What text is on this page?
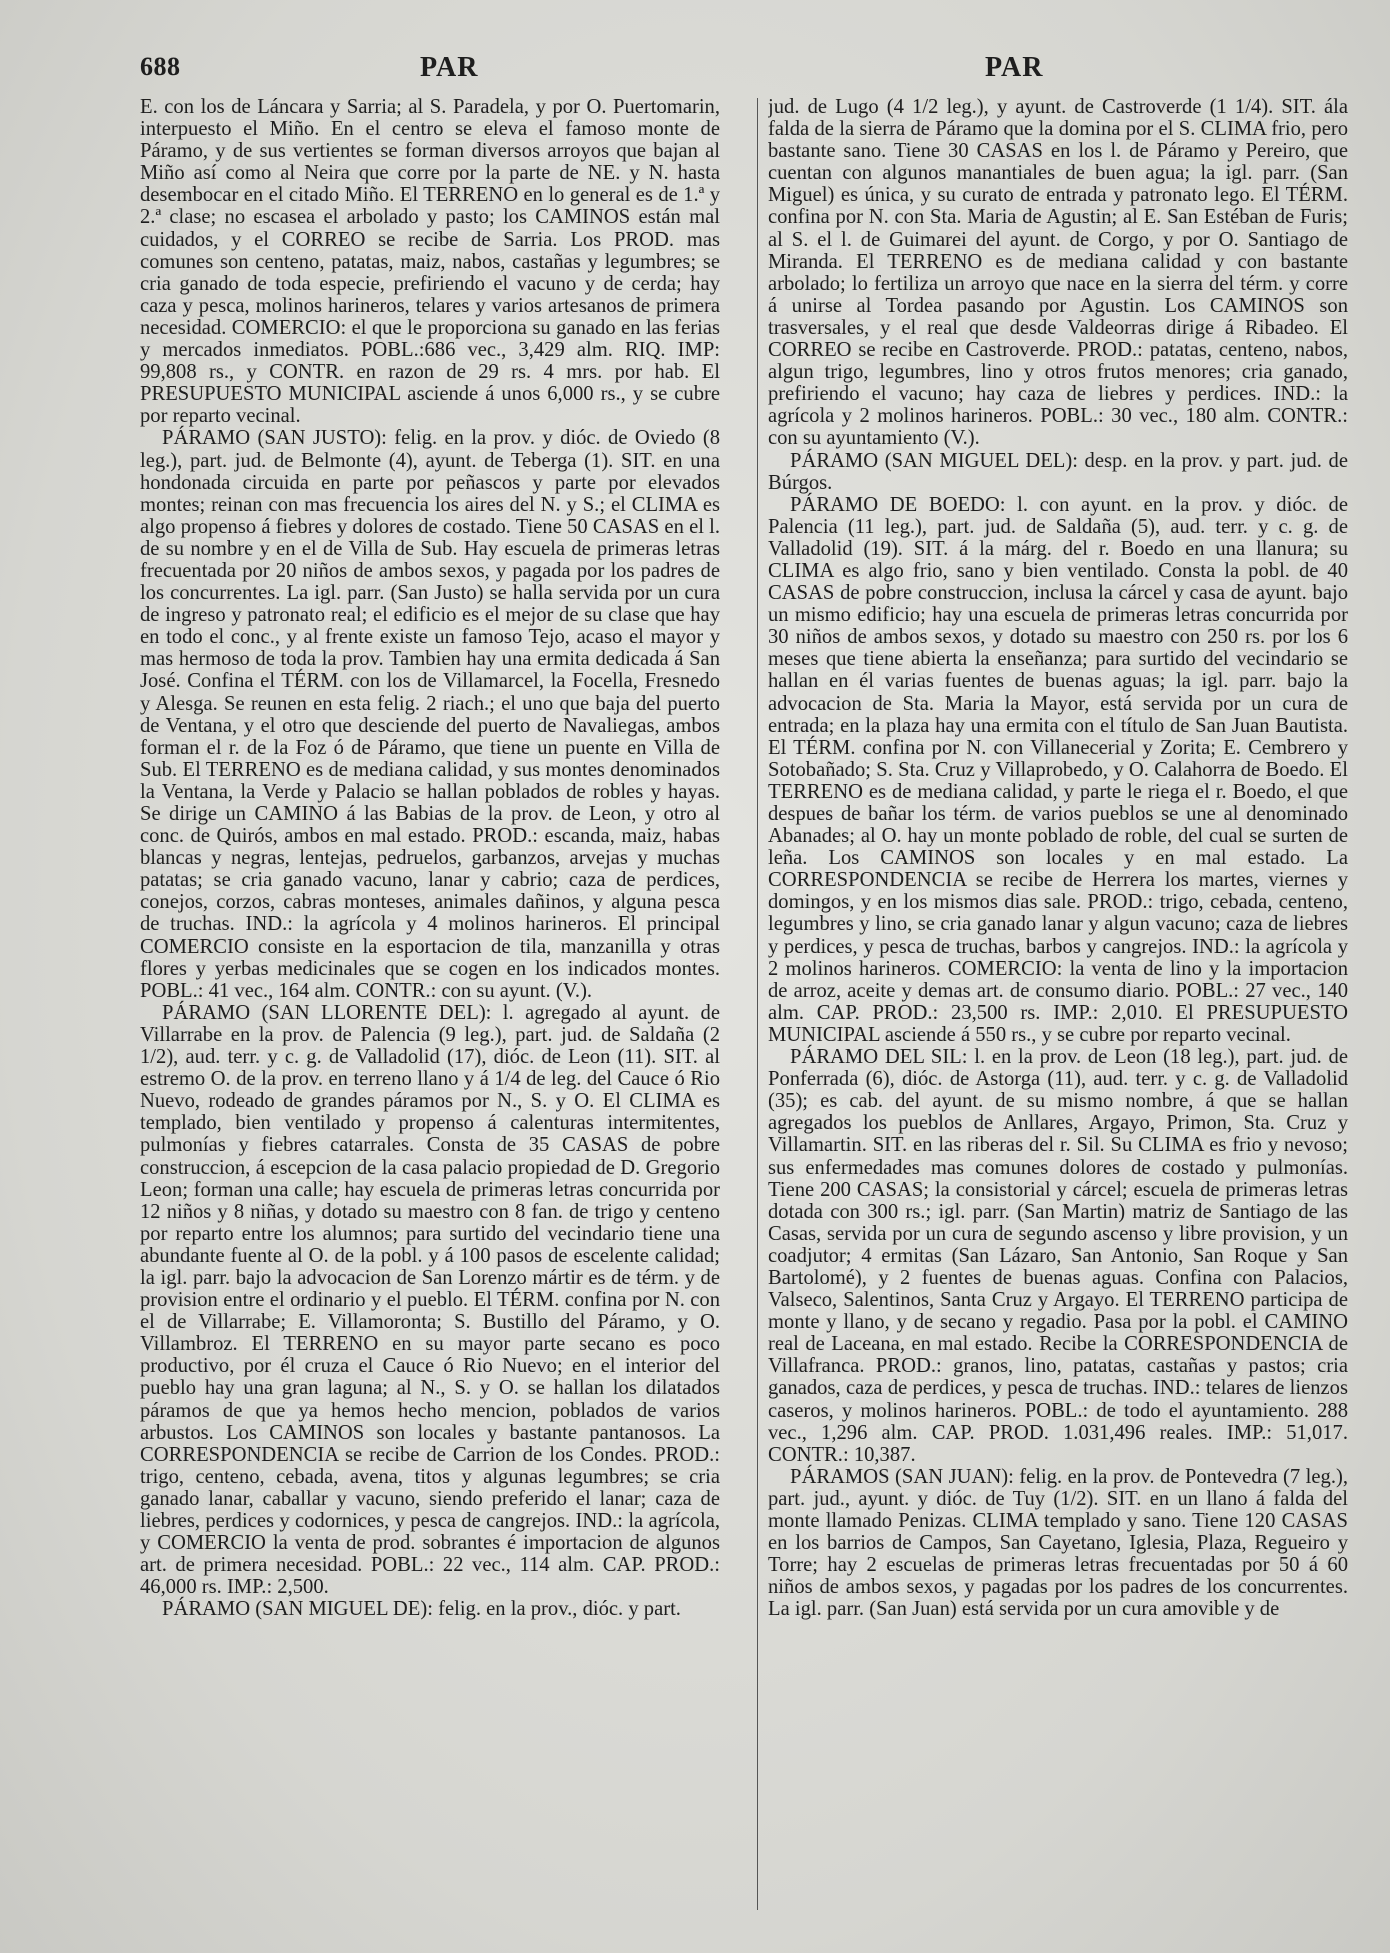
688	PAR	PAR

E. con los de Láncara y Sarria; al S. Paradela, y por O. Puertomarin, interpuesto el Miño. En el centro se eleva el famoso monte de Páramo, y de sus vertientes se forman diversos arroyos que bajan al Miño así como al Neira que corre por la parte de NE. y N. hasta desembocar en el citado Miño. El TERRENO en lo general es de 1.ª y 2.ª clase; no escasea el arbolado y pasto; los CAMINOS están mal cuidados, y el CORREO se recibe de Sarria. Los PROD. mas comunes son centeno, patatas, maiz, nabos, castañas y legumbres; se cria ganado de toda especie, prefiriendo el vacuno y de cerda; hay caza y pesca, molinos harineros, telares y varios artesanos de primera necesidad. COMERCIO: el que le proporciona su ganado en las ferias y mercados inmediatos. POBL.:686 vec., 3,429 alm. RIQ. IMP: 99,808 rs., y CONTR. en razon de 29 rs. 4 mrs. por hab. El PRESUPUESTO MUNICIPAL asciende á unos 6,000 rs., y se cubre por reparto vecinal.

PÁRAMO (SAN JUSTO): felig. en la prov. y dióc. de Oviedo (8 leg.), part. jud. de Belmonte (4), ayunt. de Teberga (1). SIT. en una hondonada circuida en parte por peñascos y parte por elevados montes; reinan con mas frecuencia los aires del N. y S.; el CLIMA es algo propenso á fiebres y dolores de costado. Tiene 50 CASAS en el l. de su nombre y en el de Villa de Sub. Hay escuela de primeras letras frecuentada por 20 niños de ambos sexos, y pagada por los padres de los concurrentes. La igl. parr. (San Justo) se halla servida por un cura de ingreso y patronato real; el edificio es el mejor de su clase que hay en todo el conc., y al frente existe un famoso Tejo, acaso el mayor y mas hermoso de toda la prov. Tambien hay una ermita dedicada á San José. Confina el TÉRM. con los de Villamarcel, la Focella, Fresnedo y Alesga. Se reunen en esta felig. 2 riach.; el uno que baja del puerto de Ventana, y el otro que desciende del puerto de Navaliegas, ambos forman el r. de la Foz ó de Páramo, que tiene un puente en Villa de Sub. El TERRENO es de mediana calidad, y sus montes denominados la Ventana, la Verde y Palacio se hallan poblados de robles y hayas. Se dirige un CAMINO á las Babias de la prov. de Leon, y otro al conc. de Quirós, ambos en mal estado. PROD.: escanda, maiz, habas blancas y negras, lentejas, pedruelos, garbanzos, arvejas y muchas patatas; se cria ganado vacuno, lanar y cabrio; caza de perdices, conejos, corzos, cabras monteses, animales dañinos, y alguna pesca de truchas. IND.: la agrícola y 4 molinos harineros. El principal COMERCIO consiste en la esportacion de tila, manzanilla y otras flores y yerbas medicinales que se cogen en los indicados montes. POBL.: 41 vec., 164 alm. CONTR.: con su ayunt. (V.).

PÁRAMO (SAN LLORENTE DEL): l. agregado al ayunt. de Villarrabe en la prov. de Palencia (9 leg.), part. jud. de Saldaña (2 1/2), aud. terr. y c. g. de Valladolid (17), dióc. de Leon (11). SIT. al estremo O. de la prov. en terreno llano y á 1/4 de leg. del Cauce ó Rio Nuevo, rodeado de grandes páramos por N., S. y O. El CLIMA es templado, bien ventilado y propenso á calenturas intermitentes, pulmonías y fiebres catarrales. Consta de 35 CASAS de pobre construccion, á escepcion de la casa palacio propiedad de D. Gregorio Leon; forman una calle; hay escuela de primeras letras concurrida por 12 niños y 8 niñas, y dotado su maestro con 8 fan. de trigo y centeno por reparto entre los alumnos; para surtido del vecindario tiene una abundante fuente al O. de la pobl. y á 100 pasos de escelente calidad; la igl. parr. bajo la advocacion de San Lorenzo mártir es de térm. y de provision entre el ordinario y el pueblo. El TÉRM. confina por N. con el de Villarrabe; E. Villamoronta; S. Bustillo del Páramo, y O. Villambroz. El TERRENO en su mayor parte secano es poco productivo, por él cruza el Cauce ó Rio Nuevo; en el interior del pueblo hay una gran laguna; al N., S. y O. se hallan los dilatados páramos de que ya hemos hecho mencion, poblados de varios arbustos. Los CAMINOS son locales y bastante pantanosos. La CORRESPONDENCIA se recibe de Carrion de los Condes. PROD.: trigo, centeno, cebada, avena, titos y algunas legumbres; se cria ganado lanar, caballar y vacuno, siendo preferido el lanar; caza de liebres, perdices y codornices, y pesca de cangrejos. IND.: la agrícola, y COMERCIO la venta de prod. sobrantes é importacion de algunos art. de primera necesidad. POBL.: 22 vec., 114 alm. CAP. PROD.: 46,000 rs. IMP.: 2,500.

PÁRAMO (SAN MIGUEL DE): felig. en la prov., dióc. y part.

jud. de Lugo (4 1/2 leg.), y ayunt. de Castroverde (1 1/4). SIT. ála falda de la sierra de Páramo que la domina por el S. CLIMA frio, pero bastante sano. Tiene 30 CASAS en los l. de Páramo y Pereiro, que cuentan con algunos manantiales de buen agua; la igl. parr. (San Miguel) es única, y su curato de entrada y patronato lego. El TÉRM. confina por N. con Sta. Maria de Agustin; al E. San Estéban de Furis; al S. el l. de Guimarei del ayunt. de Corgo, y por O. Santiago de Miranda. El TERRENO es de mediana calidad y con bastante arbolado; lo fertiliza un arroyo que nace en la sierra del térm. y corre á unirse al Tordea pasando por Agustin. Los CAMINOS son trasversales, y el real que desde Valdeorras dirige á Ribadeo. El CORREO se recibe en Castroverde. PROD.: patatas, centeno, nabos, algun trigo, legumbres, lino y otros frutos menores; cria ganado, prefiriendo el vacuno; hay caza de liebres y perdices. IND.: la agrícola y 2 molinos harineros. POBL.: 30 vec., 180 alm. CONTR.: con su ayuntamiento (V.).

PÁRAMO (SAN MIGUEL DEL): desp. en la prov. y part. jud. de Búrgos.

PÁRAMO DE BOEDO: l. con ayunt. en la prov. y dióc. de Palencia (11 leg.), part. jud. de Saldaña (5), aud. terr. y c. g. de Valladolid (19). SIT. á la márg. del r. Boedo en una llanura; su CLIMA es algo frio, sano y bien ventilado. Consta la pobl. de 40 CASAS de pobre construccion, inclusa la cárcel y casa de ayunt. bajo un mismo edificio; hay una escuela de primeras letras concurrida por 30 niños de ambos sexos, y dotado su maestro con 250 rs. por los 6 meses que tiene abierta la enseñanza; para surtido del vecindario se hallan en él varias fuentes de buenas aguas; la igl. parr. bajo la advocacion de Sta. Maria la Mayor, está servida por un cura de entrada; en la plaza hay una ermita con el título de San Juan Bautista. El TÉRM. confina por N. con Villanecerial y Zorita; E. Cembrero y Sotobañado; S. Sta. Cruz y Villaprobedo, y O. Calahorra de Boedo. El TERRENO es de mediana calidad, y parte le riega el r. Boedo, el que despues de bañar los térm. de varios pueblos se une al denominado Abanades; al O. hay un monte poblado de roble, del cual se surten de leña. Los CAMINOS son locales y en mal estado. La CORRESPONDENCIA se recibe de Herrera los martes, viernes y domingos, y en los mismos dias sale. PROD.: trigo, cebada, centeno, legumbres y lino, se cria ganado lanar y algun vacuno; caza de liebres y perdices, y pesca de truchas, barbos y cangrejos. IND.: la agrícola y 2 molinos harineros. COMERCIO: la venta de lino y la importacion de arroz, aceite y demas art. de consumo diario. POBL.: 27 vec., 140 alm. CAP. PROD.: 23,500 rs. IMP.: 2,010. El PRESUPUESTO MUNICIPAL asciende á 550 rs., y se cubre por reparto vecinal.

PÁRAMO DEL SIL: l. en la prov. de Leon (18 leg.), part. jud. de Ponferrada (6), dióc. de Astorga (11), aud. terr. y c. g. de Valladolid (35); es cab. del ayunt. de su mismo nombre, á que se hallan agregados los pueblos de Anllares, Argayo, Primon, Sta. Cruz y Villamartin. SIT. en las riberas del r. Sil. Su CLIMA es frio y nevoso; sus enfermedades mas comunes dolores de costado y pulmonías. Tiene 200 CASAS; la consistorial y cárcel; escuela de primeras letras dotada con 300 rs.; igl. parr. (San Martin) matriz de Santiago de las Casas, servida por un cura de segundo ascenso y libre provision, y un coadjutor; 4 ermitas (San Lázaro, San Antonio, San Roque y San Bartolomé), y 2 fuentes de buenas aguas. Confina con Palacios, Valseco, Salentinos, Santa Cruz y Argayo. El TERRENO participa de monte y llano, y de secano y regadio. Pasa por la pobl. el CAMINO real de Laceana, en mal estado. Recibe la CORRESPONDENCIA de Villafranca. PROD.: granos, lino, patatas, castañas y pastos; cria ganados, caza de perdices, y pesca de truchas. IND.: telares de lienzos caseros, y molinos harineros. POBL.: de todo el ayuntamiento. 288 vec., 1,296 alm. CAP. PROD. 1.031,496 reales. IMP.: 51,017. CONTR.: 10,387.

PÁRAMOS (SAN JUAN): felig. en la prov. de Pontevedra (7 leg.), part. jud., ayunt. y dióc. de Tuy (1/2). SIT. en un llano á falda del monte llamado Penizas. CLIMA templado y sano. Tiene 120 CASAS en los barrios de Campos, San Cayetano, Iglesia, Plaza, Regueiro y Torre; hay 2 escuelas de primeras letras frecuentadas por 50 á 60 niños de ambos sexos, y pagadas por los padres de los concurrentes. La igl. parr. (San Juan) está servida por un cura amovible y de
